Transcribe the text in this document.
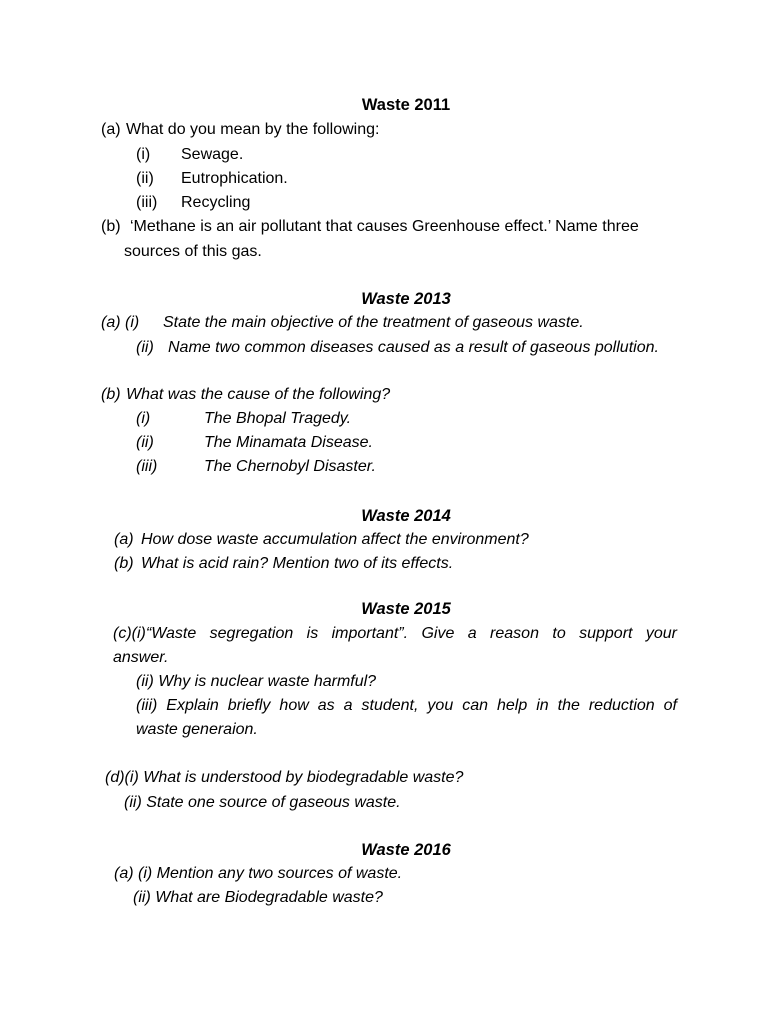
Waste 2011
(a) What do you mean by the following:
(i) Sewage.
(ii) Eutrophication.
(iii) Recycling
(b) ‘Methane is an air pollutant that causes Greenhouse effect.’ Name three
sources of this gas.
Waste 2013
(a) (i) State the main objective of the treatment of gaseous waste.
(ii) Name two common diseases caused as a result of gaseous pollution.
(b) What was the cause of the following?
(i)	The Bhopal Tragedy.
(ii)	The Minamata Disease.
(iii)	The Chernobyl Disaster.
Waste 2014
(a) How dose waste accumulation affect the environment?
(b) What is acid rain? Mention two of its effects.
Waste 2015
(c)(i)“Waste segregation is important”. Give a reason to support your
answer.
(ii) Why is nuclear waste harmful?
(iii) Explain briefly how as a student, you can help in the reduction of
waste generaion.
(d)(i) What is understood by biodegradable waste?
(ii) State one source of gaseous waste.
Waste 2016
(a) (i) Mention any two sources of waste.
(ii) What are Biodegradable waste?
